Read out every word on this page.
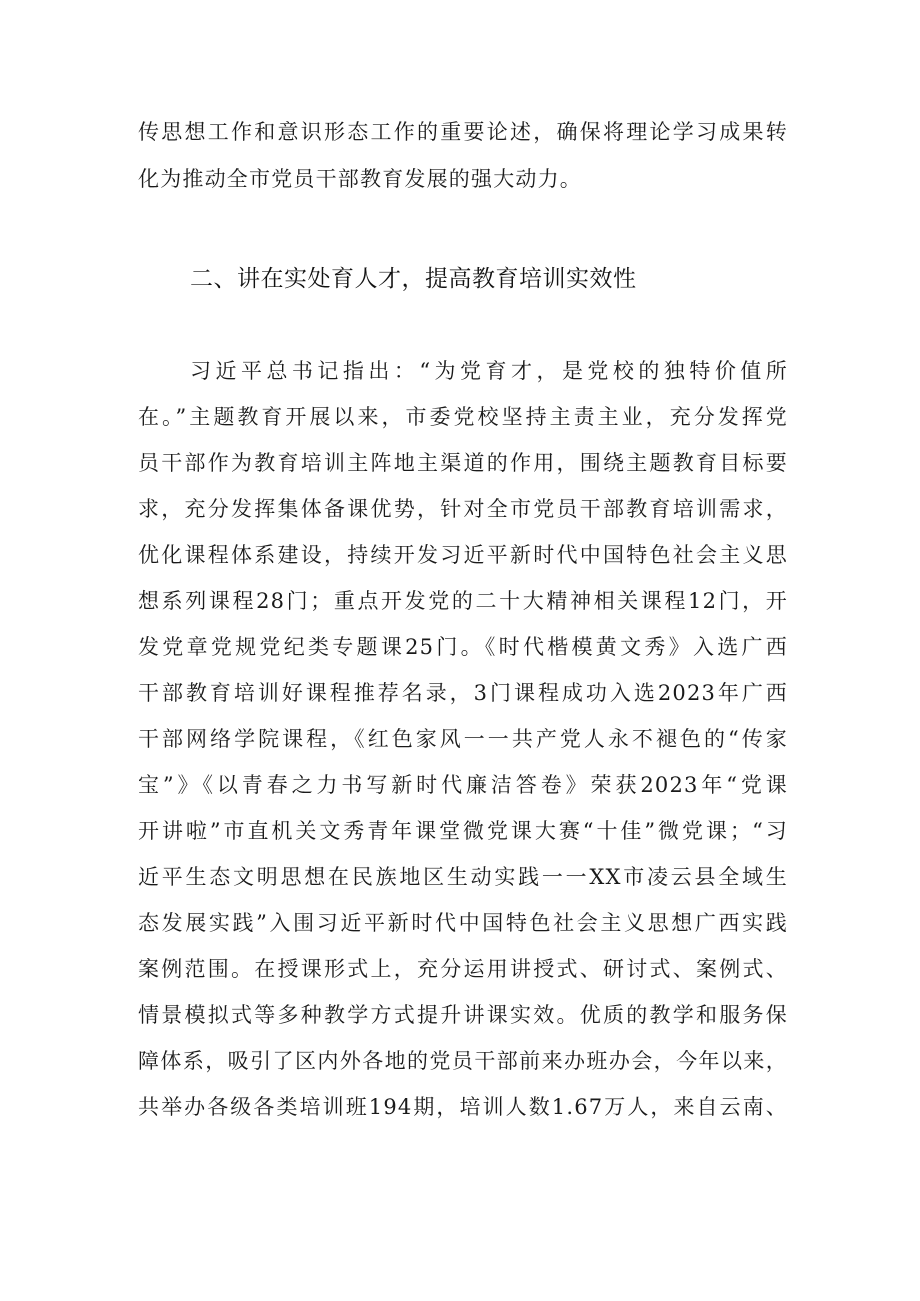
传思想工作和意识形态工作的重要论述，确保将理论学习成果转
化为推动全市党员干部教育发展的强大动力。
二、讲在实处育人才，提高教育培训实效性
习近平总书记指出：“为党育才，是党校的独特价值所
在。”主题教育开展以来，市委党校坚持主责主业，充分发挥党
员干部作为教育培训主阵地主渠道的作用，围绕主题教育目标要
求，充分发挥集体备课优势，针对全市党员干部教育培训需求，
优化课程体系建设，持续开发习近平新时代中国特色社会主义思
想系列课程28门；重点开发党的二十大精神相关课程12门，开
发党章党规党纪类专题课25门。《时代楷模黄文秀》入选广西
干部教育培训好课程推荐名录，3门课程成功入选2023年广西
干部网络学院课程，《红色家风一一共产党人永不褪色的“传家
宝”》《以青春之力书写新时代廉洁答卷》荣获2023年“党课
开讲啦”市直机关文秀青年课堂微党课大赛“十佳”微党课；“习
近平生态文明思想在民族地区生动实践一一XX市凌云县全域生
态发展实践”入围习近平新时代中国特色社会主义思想广西实践
案例范围。在授课形式上，充分运用讲授式、研讨式、案例式、
情景模拟式等多种教学方式提升讲课实效。优质的教学和服务保
障体系，吸引了区内外各地的党员干部前来办班办会，今年以来，
共举办各级各类培训班194期，培训人数1.67万人，来自云南、
